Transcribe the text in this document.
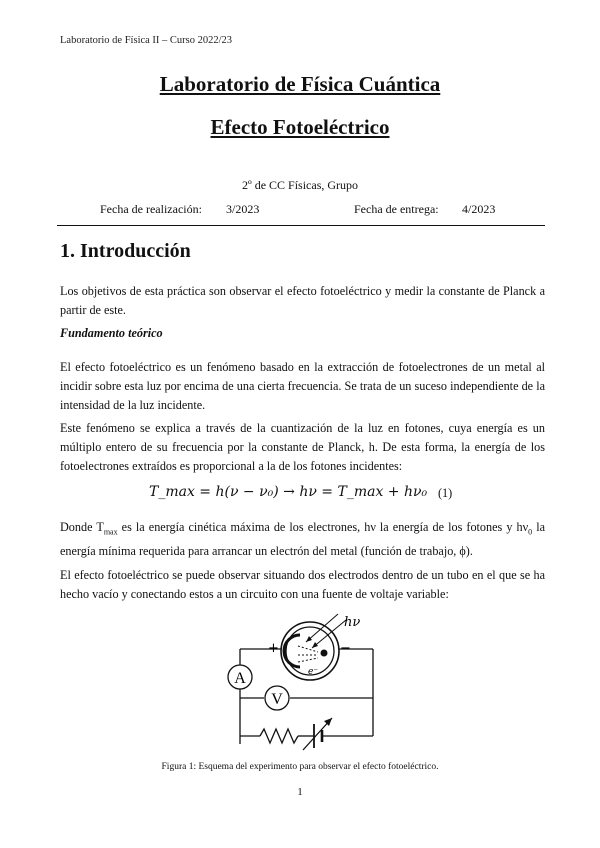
Laboratorio de Física II – Curso 2022/23
Laboratorio de Física Cuántica
Efecto Fotoeléctrico
2º de CC Físicas, Grupo
Fecha de realización: 3/2023	Fecha de entrega: 4/2023
1. Introducción
Los objetivos de esta práctica son observar el efecto fotoeléctrico y medir la constante de Planck a partir de este.
Fundamento teórico
El efecto fotoeléctrico es un fenómeno basado en la extracción de fotoelectrones de un metal al incidir sobre esta luz por encima de una cierta frecuencia. Se trata de un suceso independiente de la intensidad de la luz incidente.
Este fenómeno se explica a través de la cuantización de la luz en fotones, cuya energía es un múltiplo entero de su frecuencia por la constante de Planck, h. De esta forma, la energía de los fotoelectrones extraídos es proporcional a la de los fotones incidentes:
T_max = h(ν − ν₀) → hν = T_max + hν₀ (1)
Donde $T_{max}$ es la energía cinética máxima de los electrones, hν la energía de los fotones y $h\nu_0$ la energía mínima requerida para arrancar un electrón del metal (función de trabajo, ϕ).
El efecto fotoeléctrico se puede observar situando dos electrodos dentro de un tubo en el que se ha hecho vacío y conectando estos a un circuito con una fuente de voltaje variable:
A
V
hν
+	−
e⁻
Figura 1: Esquema del experimento para observar el efecto fotoeléctrico.
1
